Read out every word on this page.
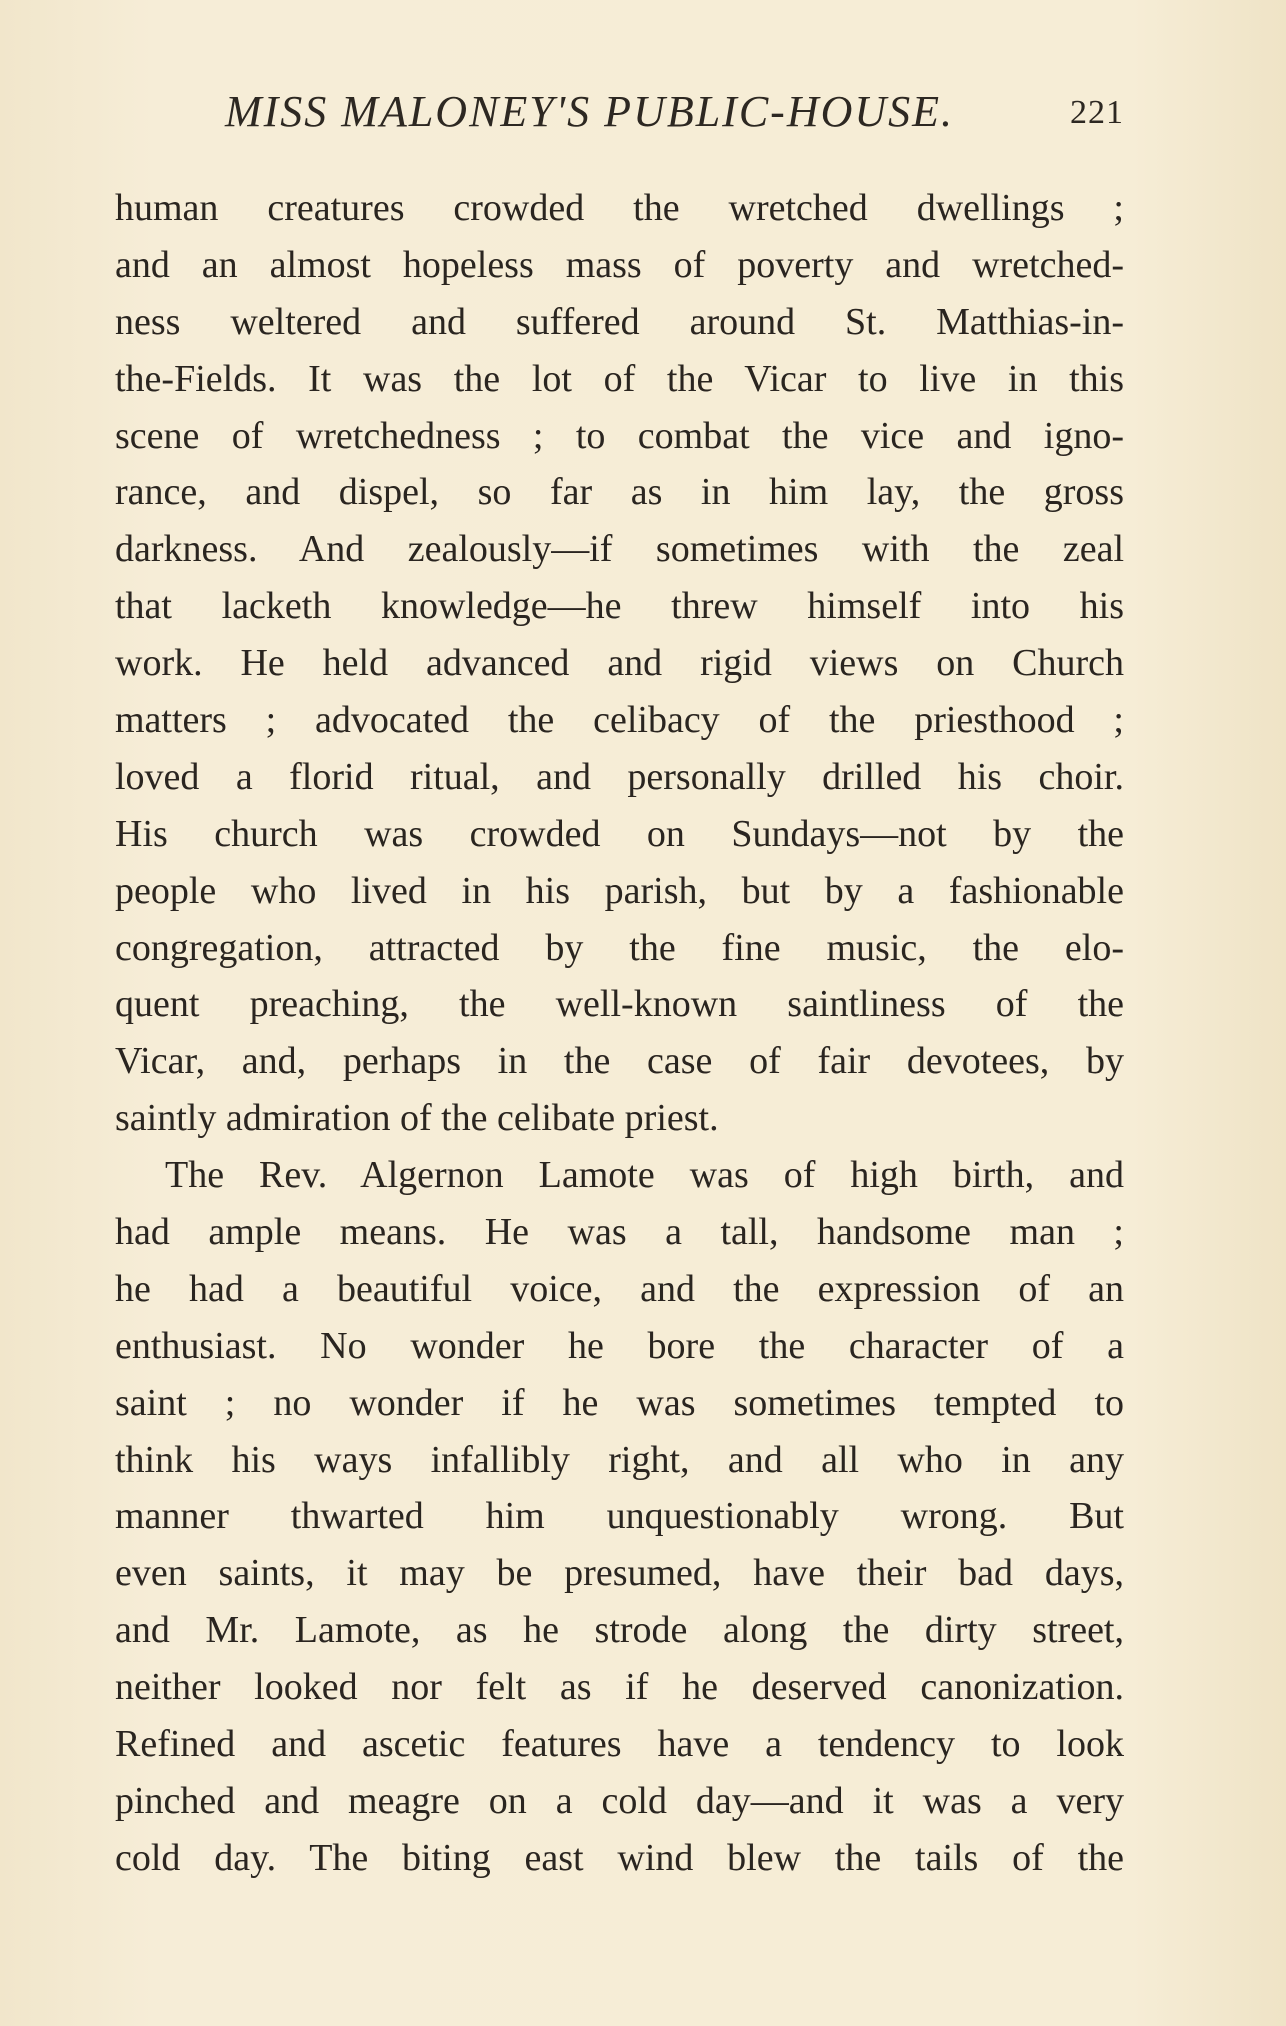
MISS MALONEY'S PUBLIC-HOUSE.	221
human creatures crowded the wretched dwellings ;
and an almost hopeless mass of poverty and wretched-
ness weltered and suffered around St. Matthias-in-
the-Fields. It was the lot of the Vicar to live in this
scene of wretchedness ; to combat the vice and igno-
rance, and dispel, so far as in him lay, the gross
darkness. And zealously—if sometimes with the zeal
that lacketh knowledge—he threw himself into his
work. He held advanced and rigid views on Church
matters ; advocated the celibacy of the priesthood ;
loved a florid ritual, and personally drilled his choir.
His church was crowded on Sundays—not by the
people who lived in his parish, but by a fashionable
congregation, attracted by the fine music, the elo-
quent preaching, the well-known saintliness of the
Vicar, and, perhaps in the case of fair devotees, by
saintly admiration of the celibate priest.
The Rev. Algernon Lamote was of high birth, and
had ample means. He was a tall, handsome man ;
he had a beautiful voice, and the expression of an
enthusiast. No wonder he bore the character of a
saint ; no wonder if he was sometimes tempted to
think his ways infallibly right, and all who in any
manner thwarted him unquestionably wrong. But
even saints, it may be presumed, have their bad days,
and Mr. Lamote, as he strode along the dirty street,
neither looked nor felt as if he deserved canonization.
Refined and ascetic features have a tendency to look
pinched and meagre on a cold day—and it was a very
cold day. The biting east wind blew the tails of the
